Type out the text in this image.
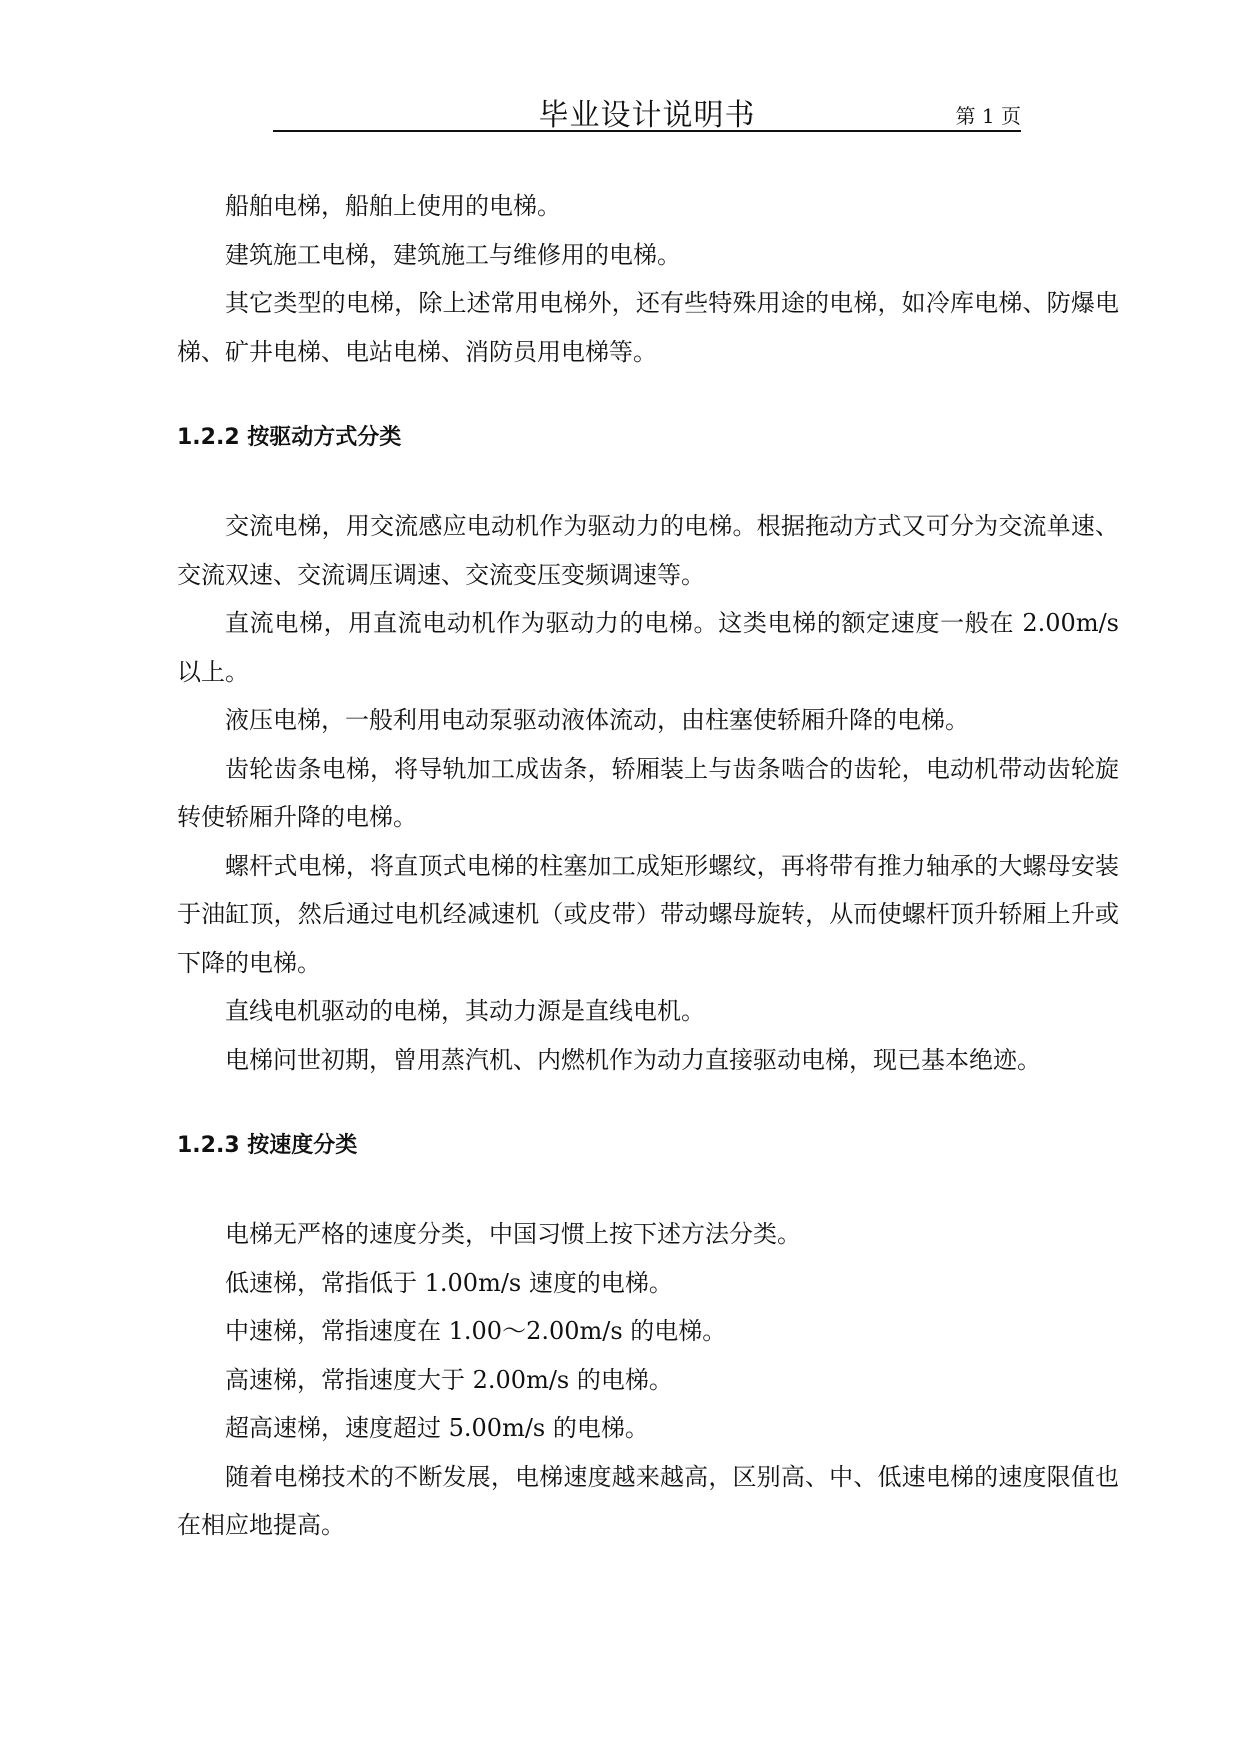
毕业设计说明书	第 1 页

船舶电梯，船舶上使用的电梯。

建筑施工电梯，建筑施工与维修用的电梯。

其它类型的电梯，除上述常用电梯外，还有些特殊用途的电梯，如冷库电梯、防爆电梯、矿井电梯、电站电梯、消防员用电梯等。

1.2.2 按驱动方式分类

交流电梯，用交流感应电动机作为驱动力的电梯。根据拖动方式又可分为交流单速、交流双速、交流调压调速、交流变压变频调速等。

直流电梯，用直流电动机作为驱动力的电梯。这类电梯的额定速度一般在 2.00m/s 以上。

液压电梯，一般利用电动泵驱动液体流动，由柱塞使轿厢升降的电梯。

齿轮齿条电梯，将导轨加工成齿条，轿厢装上与齿条啮合的齿轮，电动机带动齿轮旋转使轿厢升降的电梯。

螺杆式电梯，将直顶式电梯的柱塞加工成矩形螺纹，再将带有推力轴承的大螺母安装于油缸顶，然后通过电机经减速机（或皮带）带动螺母旋转，从而使螺杆顶升轿厢上升或下降的电梯。

直线电机驱动的电梯，其动力源是直线电机。

电梯问世初期，曾用蒸汽机、内燃机作为动力直接驱动电梯，现已基本绝迹。

1.2.3 按速度分类

电梯无严格的速度分类，中国习惯上按下述方法分类。

低速梯，常指低于 1.00m/s 速度的电梯。

中速梯，常指速度在 1.00～2.00m/s 的电梯。

高速梯，常指速度大于 2.00m/s 的电梯。

超高速梯，速度超过 5.00m/s 的电梯。

随着电梯技术的不断发展，电梯速度越来越高，区别高、中、低速电梯的速度限值也在相应地提高。
